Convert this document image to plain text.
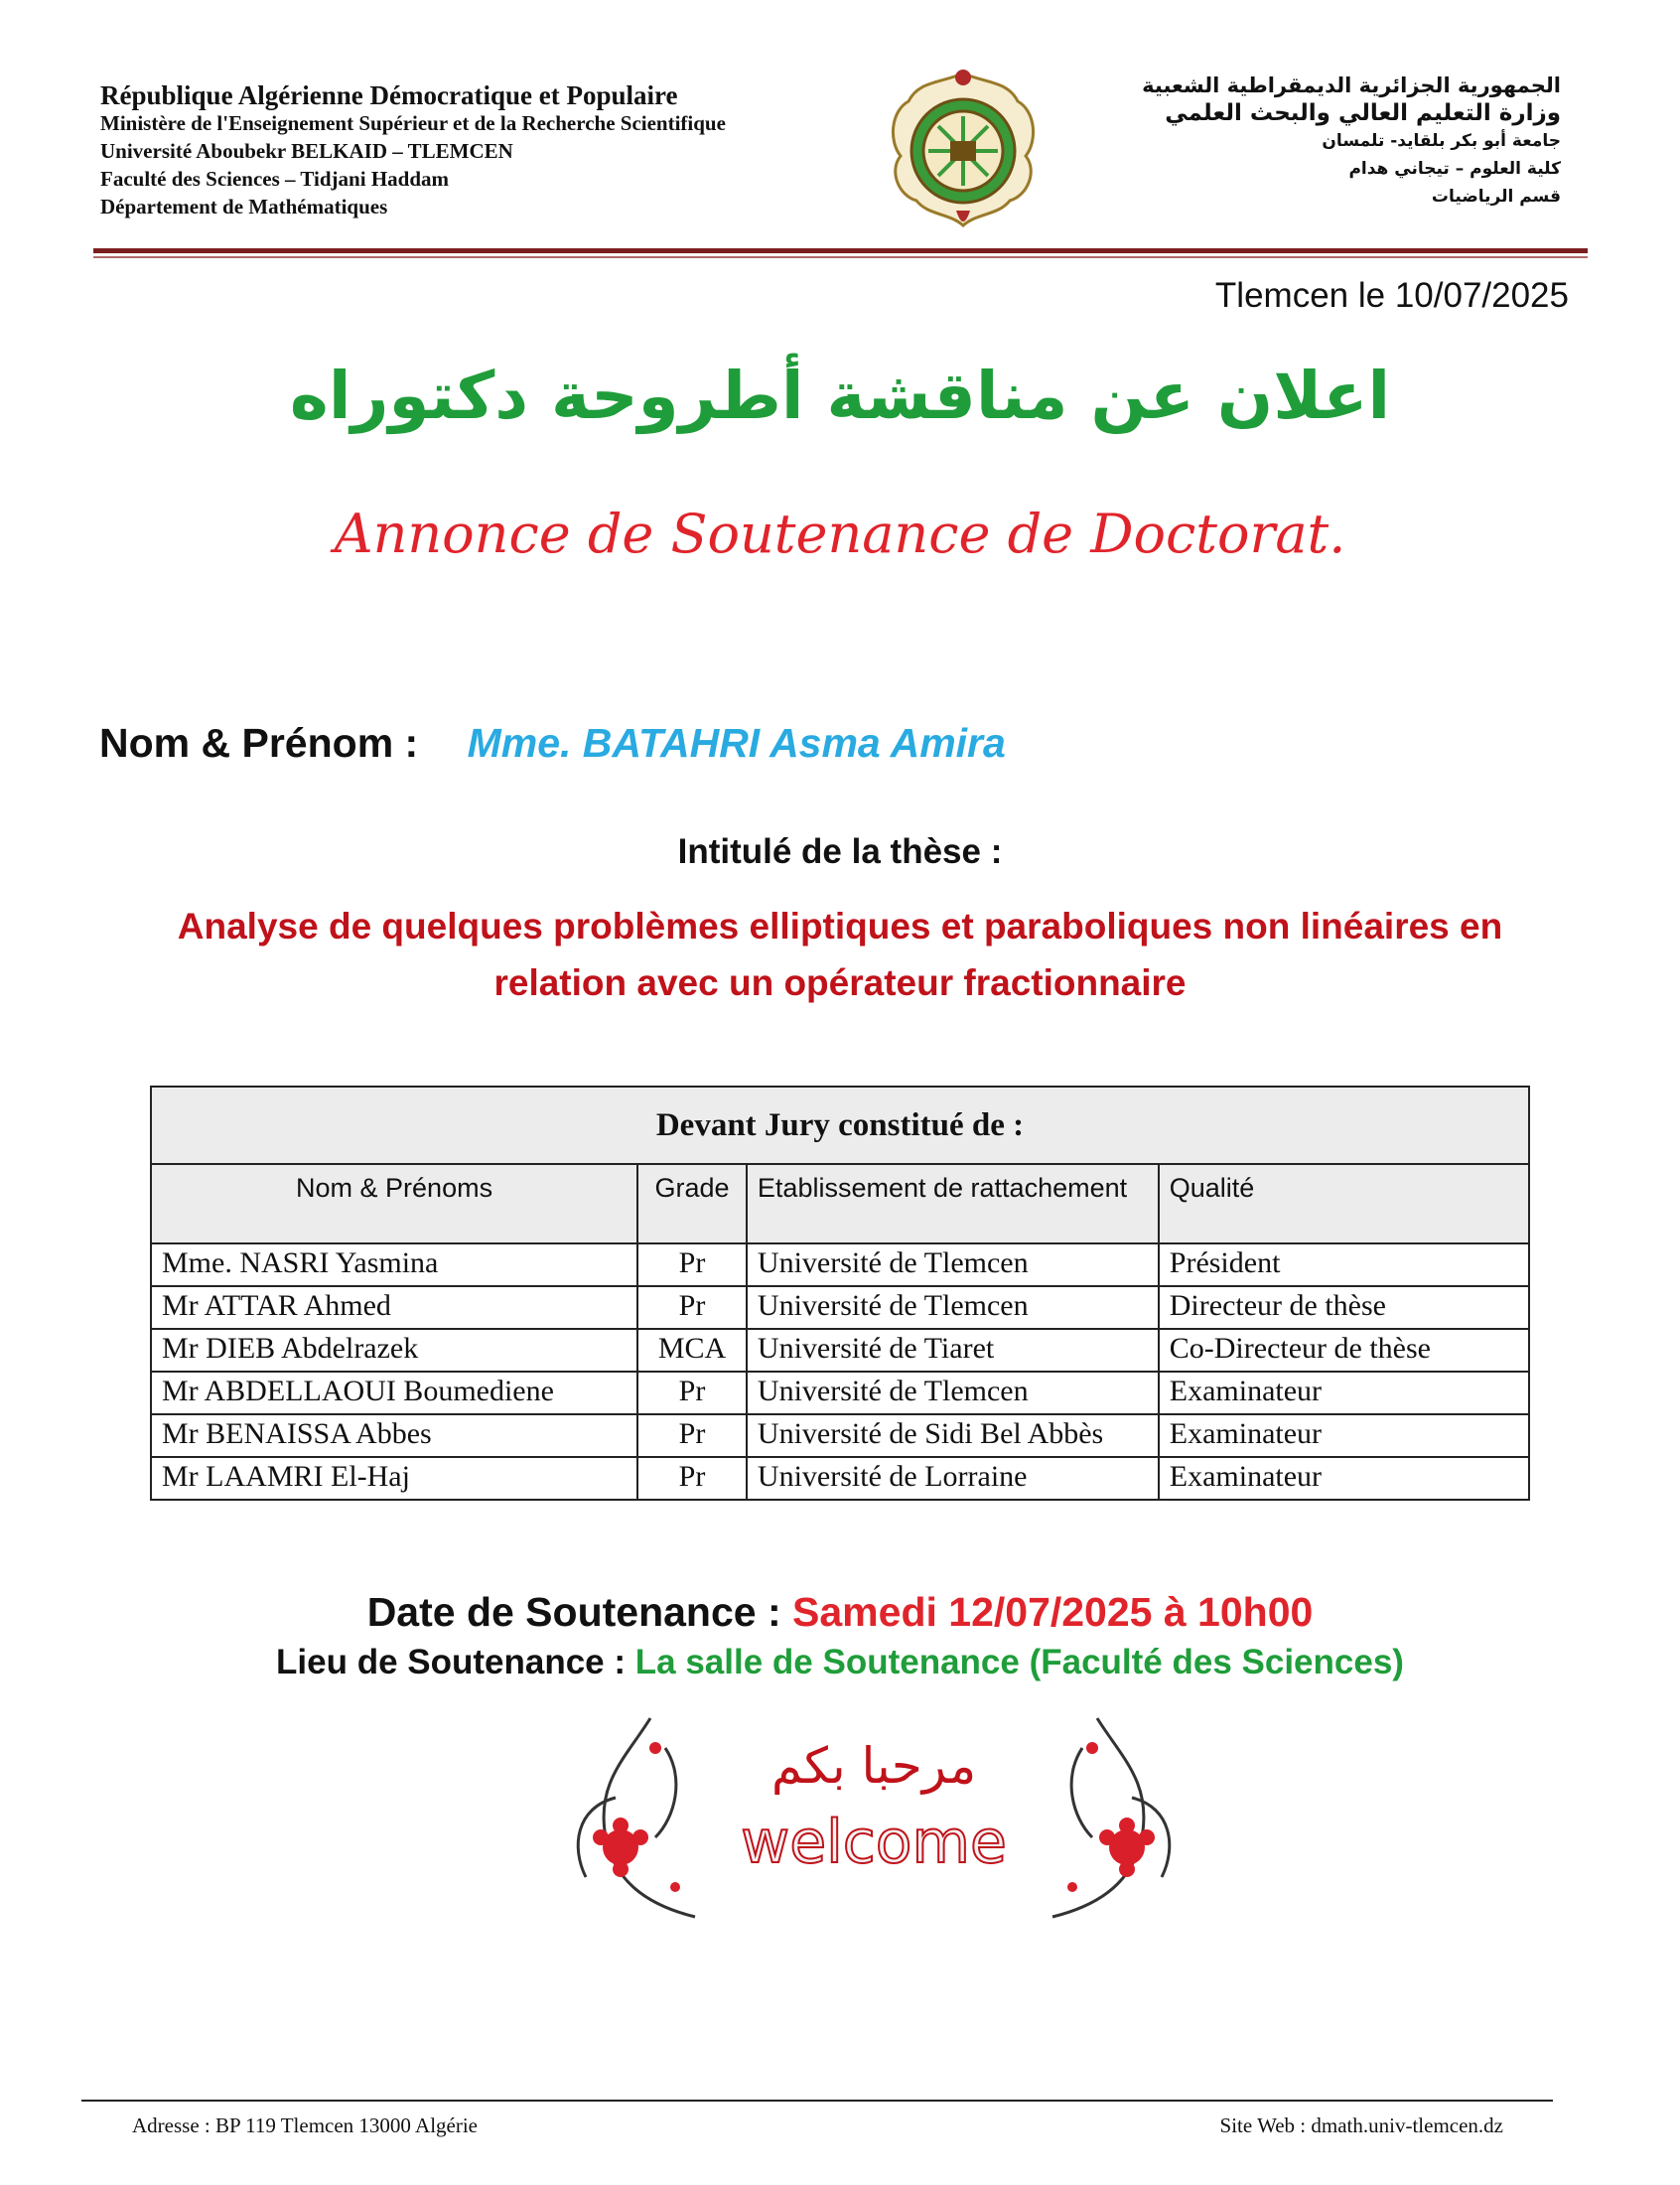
République Algérienne Démocratique et Populaire
Ministère de l'Enseignement Supérieur et de la Recherche Scientifique
Université Aboubekr BELKAID – TLEMCEN
Faculté des Sciences – Tidjani Haddam
Département de Mathématiques
الجمهورية الجزائرية الديمقراطية الشعبية
وزارة التعليم العالي والبحث العلمي
جامعة أبو بكر بلقايد- تلمسان
كلية العلوم – تيجاني هدام
قسم الرياضيات
Tlemcen le 10/07/2025
اعلان عن مناقشة أطروحة دكتوراه
Annonce de Soutenance de Doctorat.
Nom & Prénom : Mme. BATAHRI Asma Amira
Intitulé de la thèse :
Analyse de quelques problèmes elliptiques et paraboliques non linéaires en relation avec un opérateur fractionnaire
Devant Jury constitué de :			
Nom & Prénoms	Grade	Etablissement de rattachement	Qualité
Mme. NASRI Yasmina	Pr	Université de Tlemcen	Président
Mr ATTAR Ahmed	Pr	Université de Tlemcen	Directeur de thèse
Mr DIEB Abdelrazek	MCA	Université de Tiaret	Co-Directeur de thèse
Mr ABDELLAOUI Boumediene	Pr	Université de Tlemcen	Examinateur
Mr BENAISSA Abbes	Pr	Université de Sidi Bel Abbès	Examinateur
Mr LAAMRI El-Haj	Pr	Université de Lorraine	Examinateur
Date de Soutenance : Samedi 12/07/2025 à 10h00
Lieu de Soutenance : La salle de Soutenance (Faculté des Sciences)
مرحبا بكم
welcome
Adresse : BP 119 Tlemcen 13000 Algérie	Site Web : dmath.univ-tlemcen.dz
